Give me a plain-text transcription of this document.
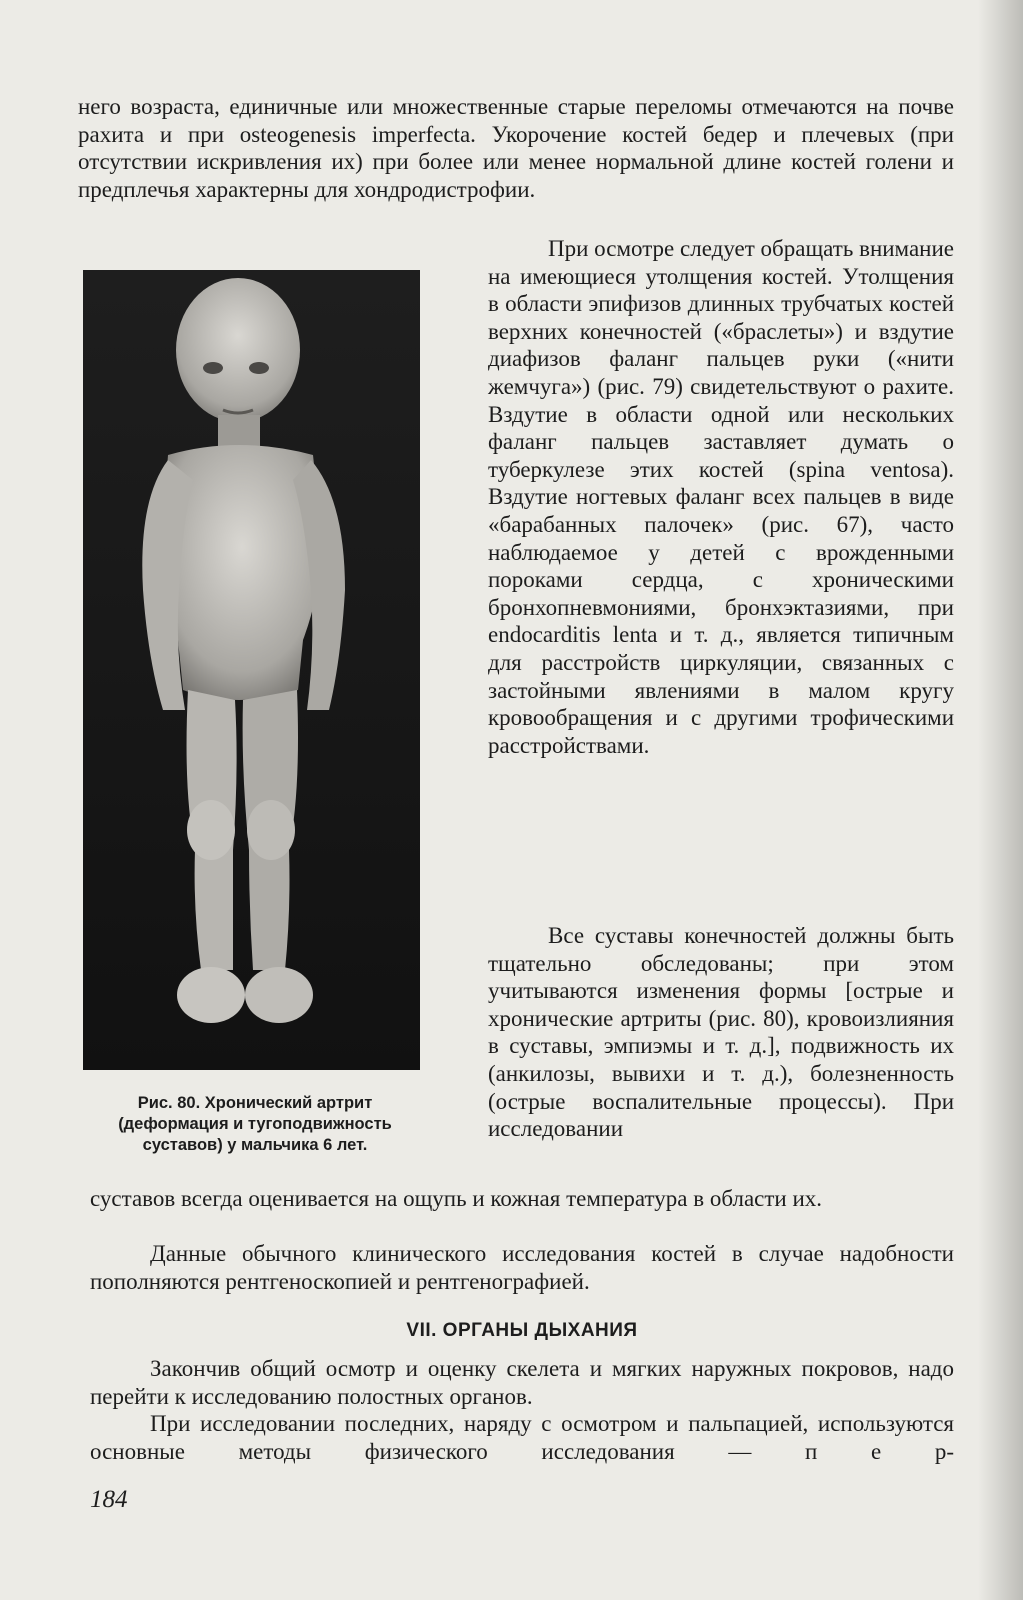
него возраста, единичные или множественные старые переломы отмечаются на почве рахита и при osteogenesis imperfecta. Укорочение костей бедер и плечевых (при отсутствии искривления их) при более или менее нормальной длине костей голени и предплечья характерны для хондродистрофии.

Рис. 80. Хронический артрит (деформация и тугоподвижность суставов) у мальчика 6 лет.

При осмотре следует обращать внимание на имеющиеся утолщения костей. Утолщения в области эпифизов длинных трубчатых костей верхних конечностей («браслеты») и вздутие диафизов фаланг пальцев руки («нити жемчуга») (рис. 79) свидетельствуют о рахите. Вздутие в области одной или нескольких фаланг пальцев заставляет думать о туберкулезе этих костей (spina ventosa). Вздутие ногтевых фаланг всех пальцев в виде «барабанных палочек» (рис. 67), часто наблюдаемое у детей с врожденными пороками сердца, с хроническими бронхопневмониями, бронхэктазиями, при endocarditis lenta и т. д., является типичным для расстройств циркуляции, связанных с застойными явлениями в малом кругу кровообращения и с другими трофическими расстройствами.

Все суставы конечностей должны быть тщательно обследованы; при этом учитываются изменения формы [острые и хронические артриты (рис. 80), кровоизлияния в суставы, эмпиэмы и т. д.], подвижность их (анкилозы, вывихи и т. д.), болезненность (острые воспалительные процессы). При исследовании

суставов всегда оценивается на ощупь и кожная температура в области их.

Данные обычного клинического исследования костей в случае надобности пополняются рентгеноскопией и рентгенографией.

VII. ОРГАНЫ ДЫХАНИЯ

Закончив общий осмотр и оценку скелета и мягких наружных покровов, надо перейти к исследованию полостных органов.

При исследовании последних, наряду с осмотром и пальпацией, используются основные методы физического исследования — п е р-

184
